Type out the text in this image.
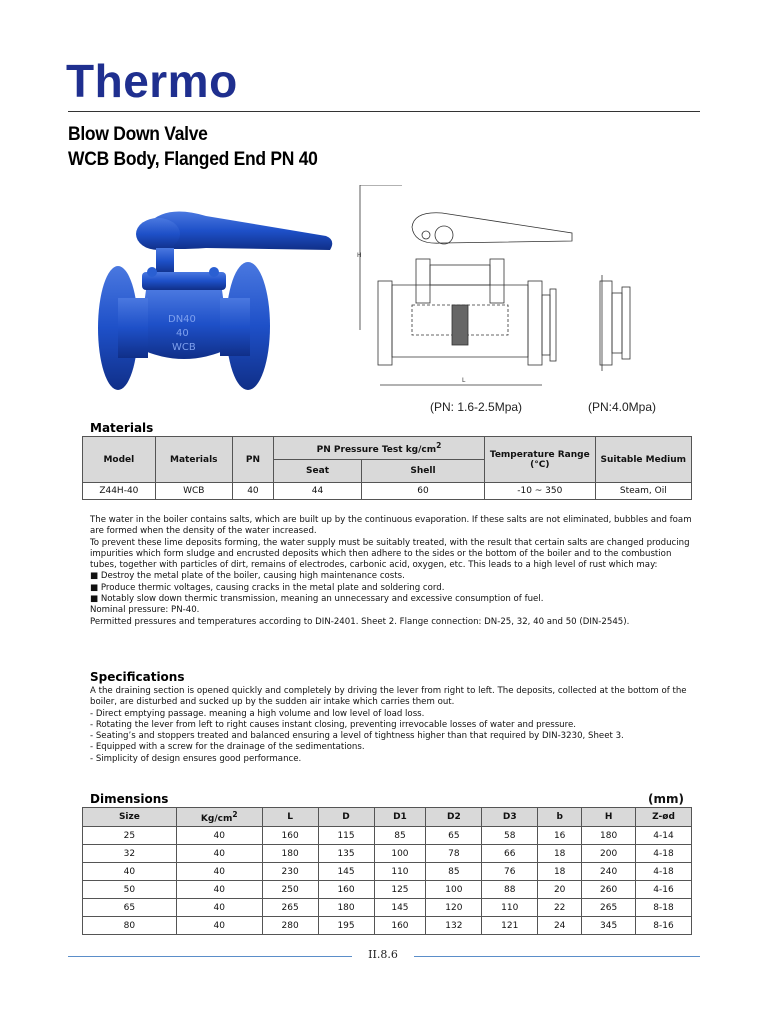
Thermo
Blow Down Valve
WCB Body, Flanged End PN 40
DN40
40
WCB
H
L
(PN: 1.6-2.5Mpa)	(PN:4.0Mpa)
Materials
Model	Materials	PN	PN Pressure Test $kg/cm^2$		Temperature Range (°C)	Suitable Medium
			Seat	Shell		
Z44H-40	WCB	40	44	60	-10 ~ 350	Steam, Oil

The water in the boiler contains salts, which are built up by the continuous evaporation. If these salts are not eliminated, bubbles and foam are formed when the density of the water increased.

To prevent these lime deposits forming, the water supply must be suitably treated, with the result that certain salts are changed producing impurities which form sludge and encrusted deposits which then adhere to the sides or the bottom of the boiler and to the combustion tubes, together with particles of dirt, remains of electrodes, carbonic acid, oxygen, etc. This leads to a high level of rust which may:

■ Destroy the metal plate of the boiler, causing high maintenance costs.

■ Produce thermic voltages, causing cracks in the metal plate and soldering cord.

■ Notably slow down thermic transmission, meaning an unnecessary and excessive consumption of fuel.

Nominal pressure: PN-40.

Permitted pressures and temperatures according to DIN-2401. Sheet 2. Flange connection: DN-25, 32, 40 and 50 (DIN-2545).

Specifications

A the draining section is opened quickly and completely by driving the lever from right to left. The deposits, collected at the bottom of the boiler, are disturbed and sucked up by the sudden air intake which carries them out.

- Direct emptying passage. meaning a high volume and low level of load loss.

- Rotating the lever from left to right causes instant closing, preventing irrevocable losses of water and pressure.

- Seating’s and stoppers treated and balanced ensuring a level of tightness higher than that required by DIN-3230, Sheet 3.

- Equipped with a screw for the drainage of the sedimentations.

- Simplicity of design ensures good performance.

Dimensions	(mm)
Size	$Kg/cm^2$	L	D	D1	D2	D3	b	H	Z-ød
25	40	160	115	85	65	58	16	180	4-14
32	40	180	135	100	78	66	18	200	4-18
40	40	230	145	110	85	76	18	240	4-18
50	40	250	160	125	100	88	20	260	4-16
65	40	265	180	145	120	110	22	265	8-18
80	40	280	195	160	132	121	24	345	8-16
II.8.6
